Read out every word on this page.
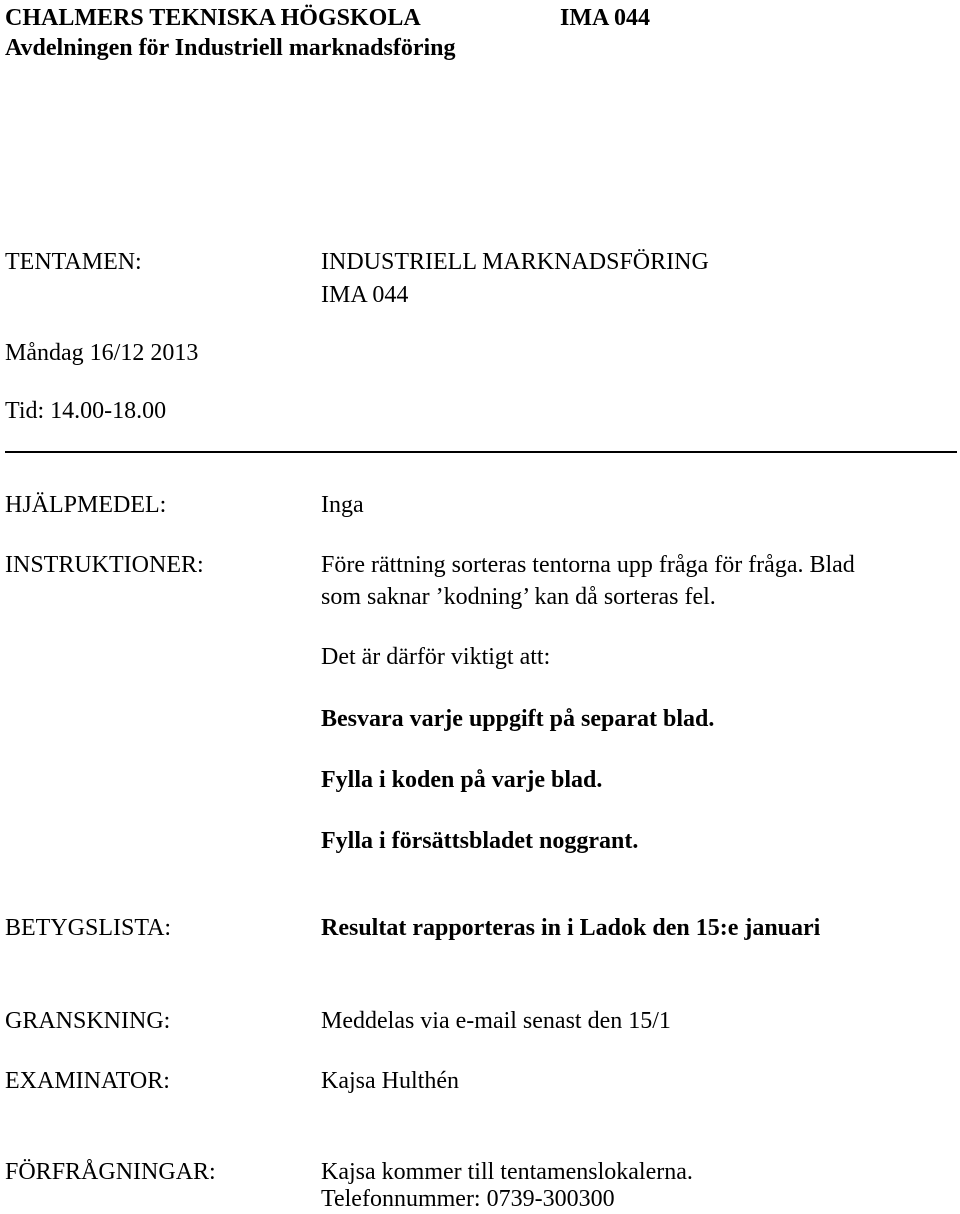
CHALMERS TEKNISKA HÖGSKOLA	IMA 044

Avdelningen för Industriell marknadsföring

TENTAMEN:	INDUSTRIELL MARKNADSFÖRING

IMA 044

Måndag 16/12 2013

Tid: 14.00-18.00

HJÄLPMEDEL:	Inga

INSTRUKTIONER:	Före rättning sorteras tentorna upp fråga för fråga. Blad

som saknar ’kodning’ kan då sorteras fel.

Det är därför viktigt att:

Besvara varje uppgift på separat blad.

Fylla i koden på varje blad.

Fylla i försättsbladet noggrant.

BETYGSLISTA:	Resultat rapporteras in i Ladok den 15:e januari

GRANSKNING:	Meddelas via e-mail senast den 15/1

EXAMINATOR:	Kajsa Hulthén

FÖRFRÅGNINGAR:	Kajsa kommer till tentamenslokalerna.

Telefonnummer: 0739-300300
